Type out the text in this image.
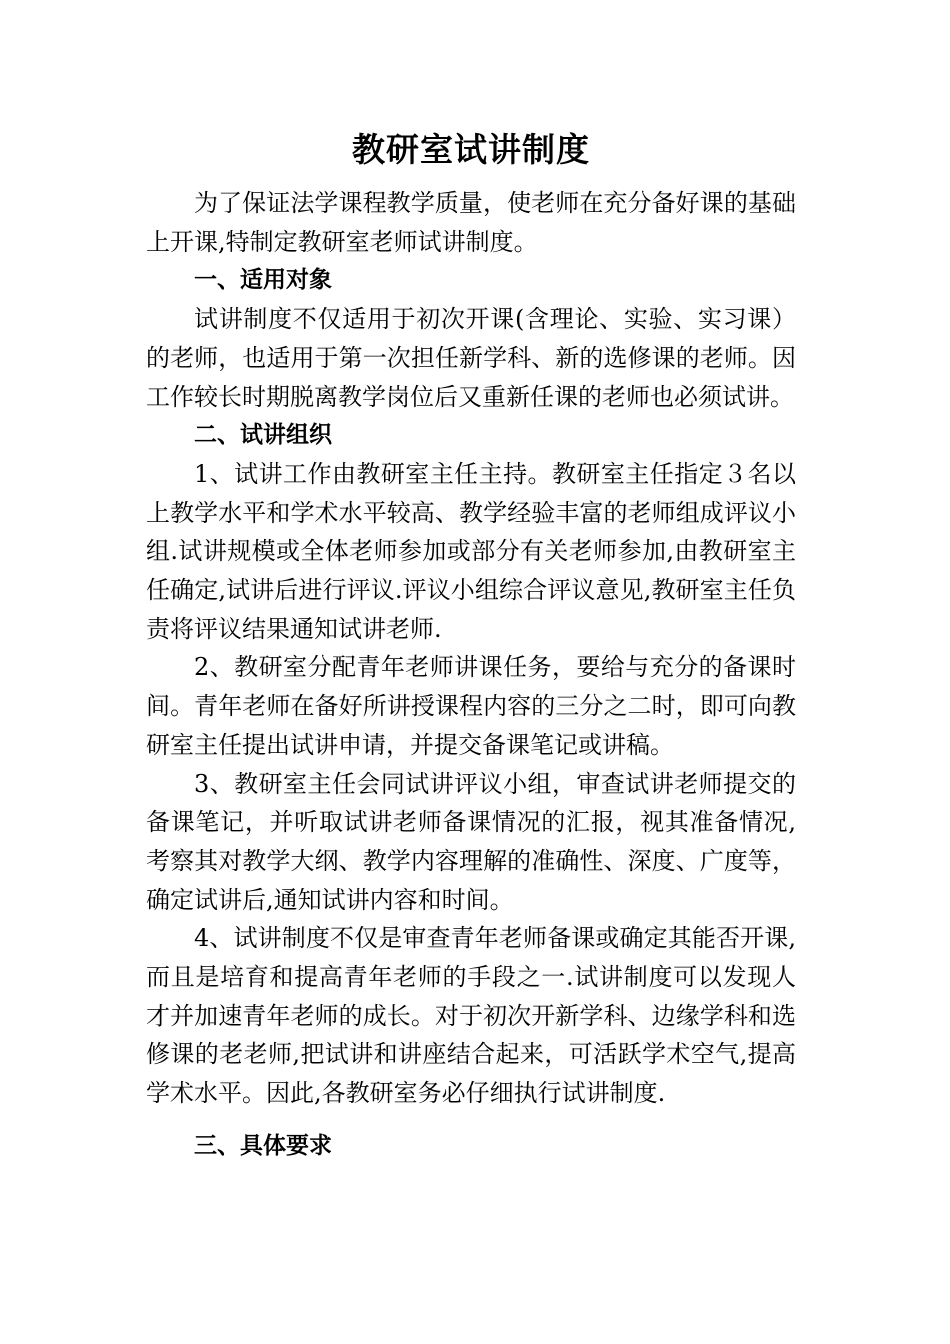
教研室试讲制度

为了保证法学课程教学质量，使老师在充分备好课的基础上开课,特制定教研室老师试讲制度。

一、适用对象

试讲制度不仅适用于初次开课(含理论、实验、实习课）的老师，也适用于第一次担任新学科、新的选修课的老师。因工作较长时期脱离教学岗位后又重新任课的老师也必须试讲。

二、试讲组织

1、试讲工作由教研室主任主持。教研室主任指定３名以上教学水平和学术水平较高、教学经验丰富的老师组成评议小组.试讲规模或全体老师参加或部分有关老师参加,由教研室主任确定,试讲后进行评议.评议小组综合评议意见,教研室主任负责将评议结果通知试讲老师.

2、教研室分配青年老师讲课任务，要给与充分的备课时间。青年老师在备好所讲授课程内容的三分之二时，即可向教研室主任提出试讲申请，并提交备课笔记或讲稿。

3、教研室主任会同试讲评议小组，审查试讲老师提交的备课笔记，并听取试讲老师备课情况的汇报，视其准备情况,考察其对教学大纲、教学内容理解的准确性、深度、广度等，确定试讲后,通知试讲内容和时间。

4、试讲制度不仅是审查青年老师备课或确定其能否开课,而且是培育和提高青年老师的手段之一.试讲制度可以发现人才并加速青年老师的成长。对于初次开新学科、边缘学科和选修课的老老师,把试讲和讲座结合起来，可活跃学术空气,提高学术水平。因此,各教研室务必仔细执行试讲制度.

三、具体要求
